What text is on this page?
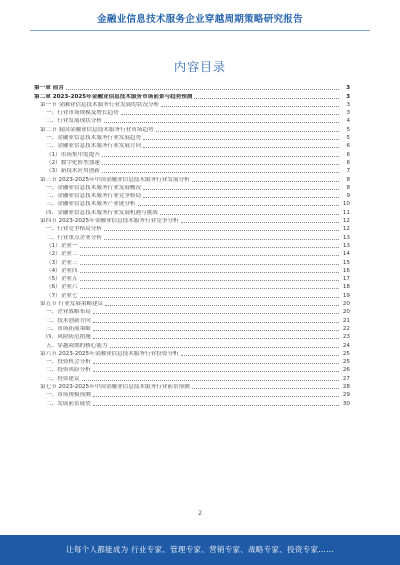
金融业信息技术服务企业穿越周期策略研究报告
内容目录
第一章 前言	3
第二章 2023-2025年金融业信息技术服务市场前景与趋势预测	3
第一节 金融业信息技术服务行业发展的状况分析	3
一、行业市场规模及增长趋势	3
二、行业发展现状分析	4
第二节 我国金融业信息技术服务行业市场趋势	5
一、金融业信息技术服务行业发展趋势	5
二、金融业信息技术服务行业发展方向	6
（1）市场集中度提升	6
（2）数字化转型加速	6
（3）新技术应用创新	7
第三节 2023-2025年中国金融业信息技术服务行业发展分析	8
一、金融业信息技术服务行业发展概况	8
二、金融业信息技术服务行业竞争格局	9
三、金融业信息技术服务产业链分析	10
四、金融业信息技术服务行业发展机遇与挑战	11
第四节 2023-2025年金融业信息技术服务行业竞争分析	12
一、行业竞争格局分析	12
二、行业重点企业分析	13
（1）企业一	13
（2）企业二	14
（3）企业三	15
（4）企业四	16
（5）企业五	17
（6）企业六	18
（7）企业七	19
第五节 行业发展策略建议	20
一、企业战略布局	20
二、技术创新方向	21
三、市场拓展策略	22
四、风险防范措施	23
五、穿越周期的核心能力	24
第六节 2023-2025年金融业信息技术服务行业投资分析	25
一、投资机会分析	25
二、投资风险分析	26
三、投资建议	27
第七节 2023-2025年中国金融业信息技术服务行业前景预测	28
一、市场规模预测	29
二、发展前景展望	30
2
让每个人都能成为 行业专家、管理专家、营销专家、战略专家、投资专家……
